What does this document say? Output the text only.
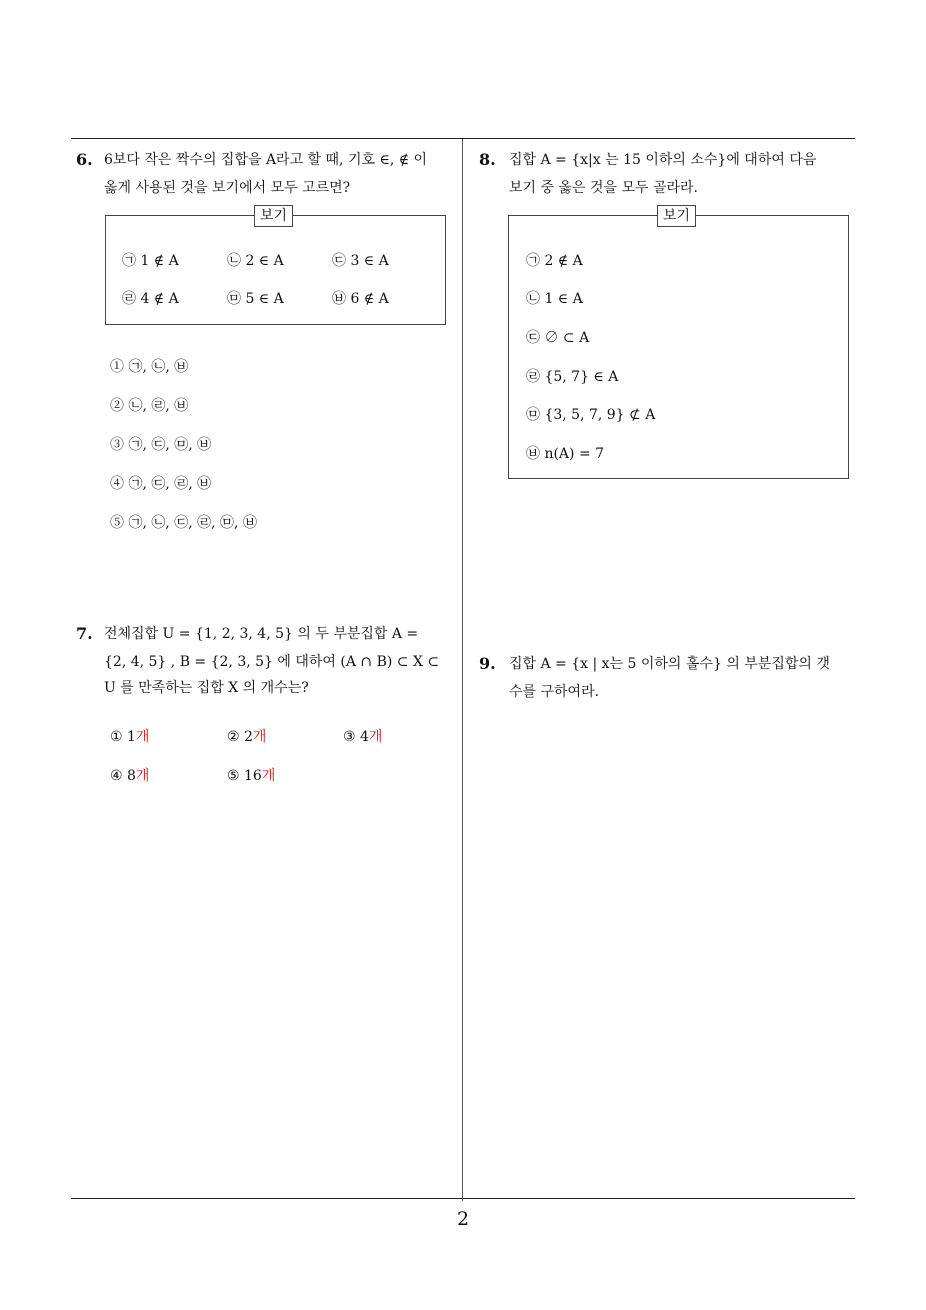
6. 6보다 작은 짝수의 집합을 A라고 할 때, 기호 ∈, ∉ 이
옳게 사용된 것을 보기에서 모두 고르면?
보기
㉠ 1 ∉ A	㉡ 2 ∈ A	㉢ 3 ∈ A
㉣ 4 ∉ A	㉤ 5 ∈ A	㉥ 6 ∉ A
① ㉠, ㉡, ㉥
② ㉡, ㉣, ㉥
③ ㉠, ㉢, ㉤, ㉥
④ ㉠, ㉢, ㉣, ㉥
⑤ ㉠, ㉡, ㉢, ㉣, ㉤, ㉥
7. 전체집합 U = {1, 2, 3, 4, 5} 의 두 부분집합 A =
{2, 4, 5} , B = {2, 3, 5} 에 대하여 (A ∩ B) ⊂ X ⊂
U 를 만족하는 집합 X 의 개수는?
① 1개	② 2개	③ 4개
④ 8개	⑤ 16개
8. 집합 A = {x|x 는 15 이하의 소수}에 대하여 다음
보기 중 옳은 것을 모두 골라라.
보기
㉠ 2 ∉ A
㉡ 1 ∈ A
㉢ ∅ ⊂ A
㉣ {5, 7} ∈ A
㉤ {3, 5, 7, 9} ⊄ A
㉥ n(A) = 7
9. 집합 A = {x | x는 5 이하의 홀수} 의 부분집합의 갯
수를 구하여라.
2
